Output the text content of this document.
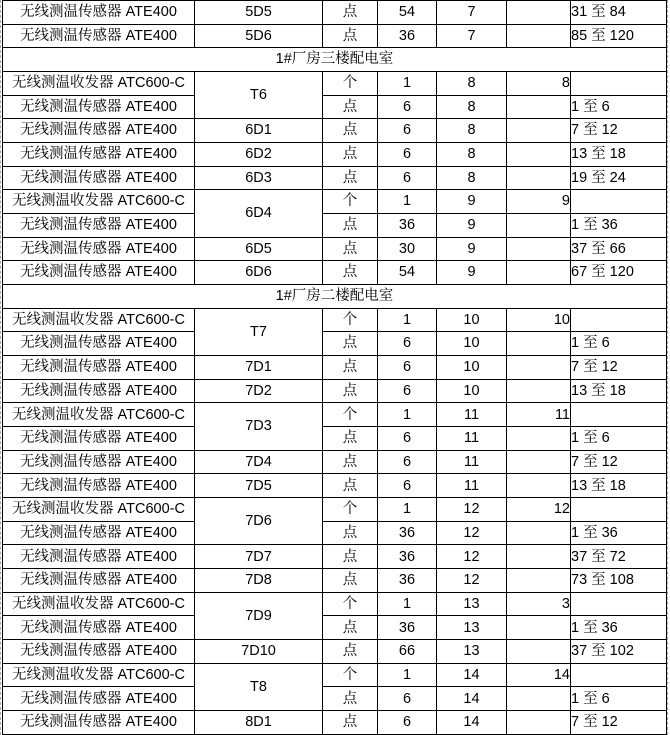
无线测温传感器 ATE400	5D5	点	54	7		31 至 84
无线测温传感器 ATE400	5D6	点	36	7		85 至 120
1#厂房三楼配电室						
无线测温收发器 ATC600-C	T6	个	1	8	8	
无线测温传感器 ATE400		点	6	8		1 至 6
无线测温传感器 ATE400	6D1	点	6	8		7 至 12
无线测温传感器 ATE400	6D2	点	6	8		13 至 18
无线测温传感器 ATE400	6D3	点	6	8		19 至 24
无线测温收发器 ATC600-C	6D4	个	1	9	9	
无线测温传感器 ATE400		点	36	9		1 至 36
无线测温传感器 ATE400	6D5	点	30	9		37 至 66
无线测温传感器 ATE400	6D6	点	54	9		67 至 120
1#厂房二楼配电室						
无线测温收发器 ATC600-C	T7	个	1	10	10	
无线测温传感器 ATE400		点	6	10		1 至 6
无线测温传感器 ATE400	7D1	点	6	10		7 至 12
无线测温传感器 ATE400	7D2	点	6	10		13 至 18
无线测温收发器 ATC600-C	7D3	个	1	11	11	
无线测温传感器 ATE400		点	6	11		1 至 6
无线测温传感器 ATE400	7D4	点	6	11		7 至 12
无线测温传感器 ATE400	7D5	点	6	11		13 至 18
无线测温收发器 ATC600-C	7D6	个	1	12	12	
无线测温传感器 ATE400		点	36	12		1 至 36
无线测温传感器 ATE400	7D7	点	36	12		37 至 72
无线测温传感器 ATE400	7D8	点	36	12		73 至 108
无线测温收发器 ATC600-C	7D9	个	1	13	3	
无线测温传感器 ATE400		点	36	13		1 至 36
无线测温传感器 ATE400	7D10	点	66	13		37 至 102
无线测温收发器 ATC600-C	T8	个	1	14	14	
无线测温传感器 ATE400		点	6	14		1 至 6
无线测温传感器 ATE400	8D1	点	6	14		7 至 12
